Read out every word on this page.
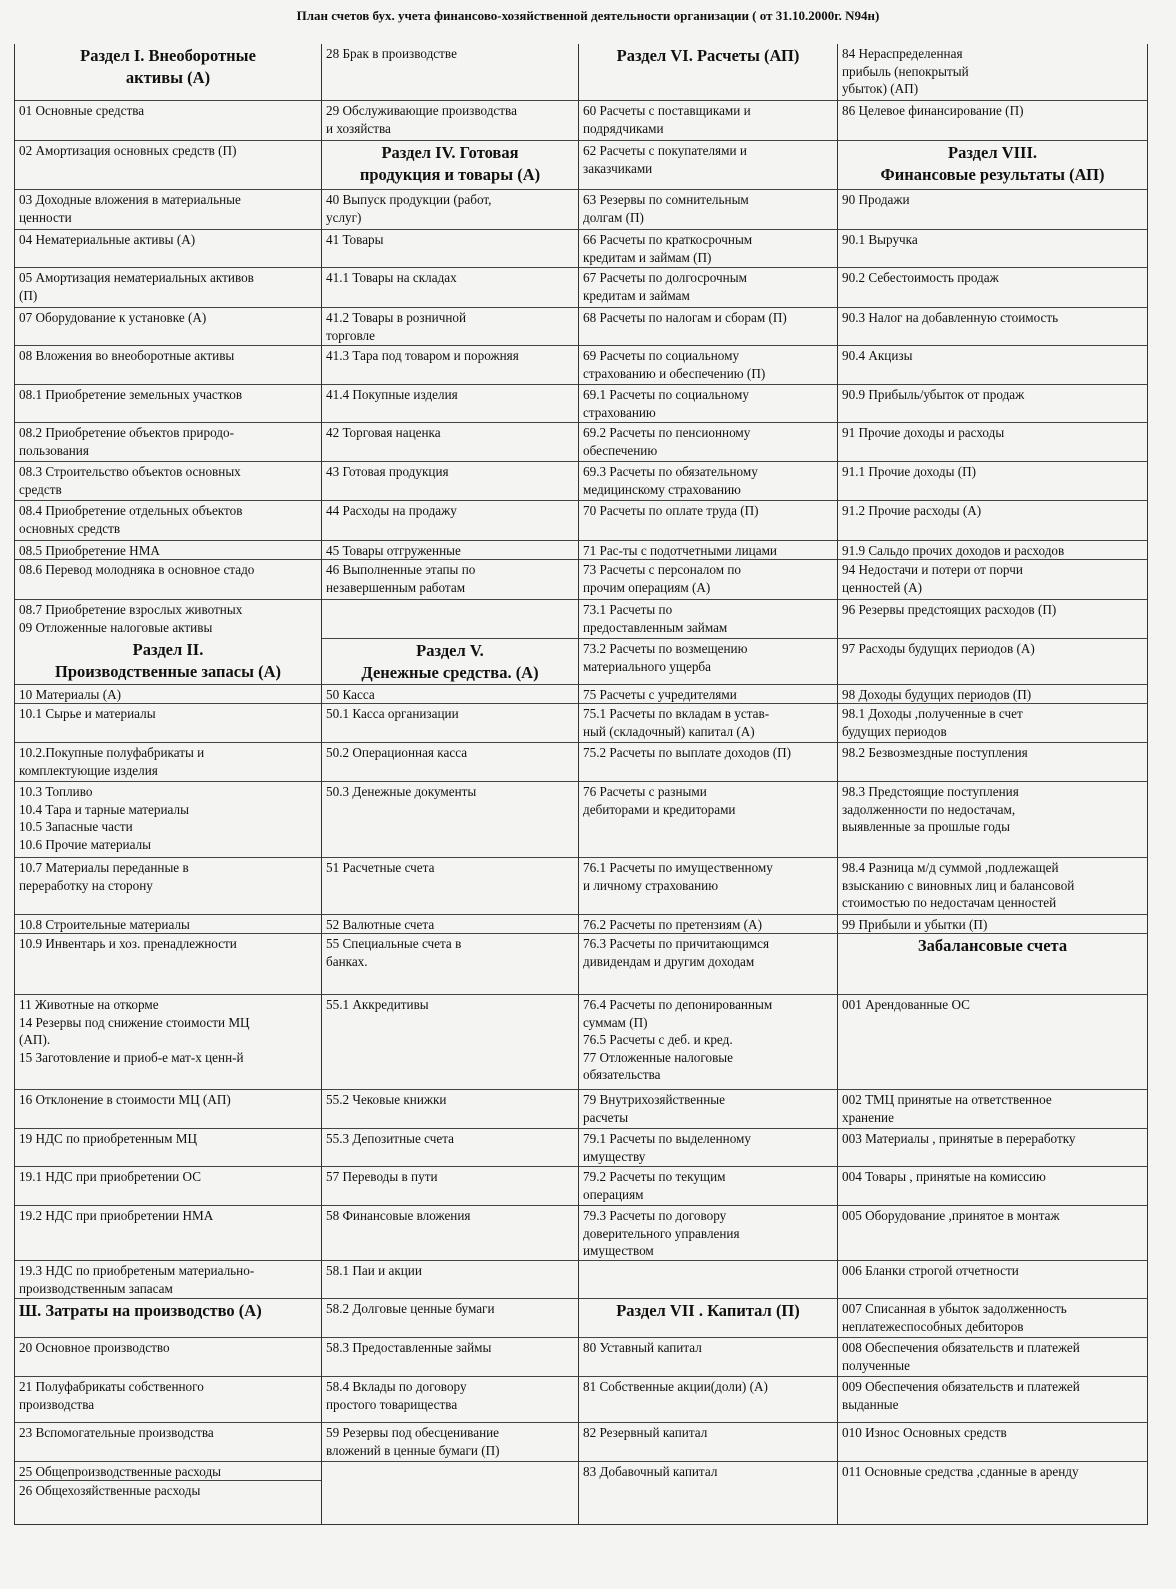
План счетов бух. учета финансово-хозяйственной деятельности организации ( от 31.10.2000г. N94н)
Раздел I. Внеоборотные
активы (А)
01 Основные средства
02 Амортизация основных средств (П)
03 Доходные вложения в материальные
ценности
04 Нематериальные активы (А)
05 Амортизация нематериальных активов
(П)
07 Оборудование к установке (А)
08 Вложения во внеоборотные активы
08.1 Приобретение земельных участков
08.2 Приобретение объектов природо-
пользования
08.3 Строительство объектов основных
средств
08.4 Приобретение отдельных объектов
основных средств
08.5 Приобретение НМА
08.6 Перевод молодняка в основное стадо
08.7 Приобретение взрослых животных
09 Отложенные налоговые активы
Раздел II.
Производственные запасы (А)
10 Материалы (А)
10.1 Сырье и материалы
10.2.Покупные полуфабрикаты и
комплектующие изделия
10.3 Топливо
10.4 Тара и тарные материалы
10.5 Запасные части
10.6 Прочие материалы
10.7 Материалы переданные в
переработку на сторону
10.8 Строительные материалы
10.9 Инвентарь и хоз. пренадлежности
11 Животные на откорме
14 Резервы под снижение стоимости МЦ
(АП).
15 Заготовление и приоб-е мат-х ценн-й
16 Отклонение в стоимости МЦ (АП)
19 НДС по приобретенным МЦ
19.1 НДС при приобретении ОС
19.2 НДС при приобретении НМА
19.3 НДС по приобретеным материально-
производственным запасам
Ш. Затраты на производство (А)
20 Основное производство
21 Полуфабрикаты собственного
производства
23 Вспомогательные производства
25 Общепроизводственные расходы
26 Общехозяйственные расходы
28 Брак в производстве
29 Обслуживающие производства
и хозяйства
Раздел IV. Готовая
продукция и товары (А)
40 Выпуск продукции (работ,
услуг)
41 Товары
41.1 Товары на складах
41.2 Товары в розничной
торговле
41.3 Тара под товаром и порожняя
41.4 Покупные изделия
42 Торговая наценка
43 Готовая продукция
44 Расходы на продажу
45 Товары отгруженные
46 Выполненные этапы по
незавершенным работам
Раздел V.
Денежные средства. (А)
50 Касса
50.1 Касса организации
50.2 Операционная касса
50.3 Денежные документы
51 Расчетные счета
52 Валютные счета
55 Специальные счета в
банках.
55.1 Аккредитивы
55.2 Чековые книжки
55.3 Депозитные счета
57 Переводы в пути
58 Финансовые вложения
58.1 Паи и акции
58.2 Долговые ценные бумаги
58.3 Предоставленные займы
58.4 Вклады по договору
простого товарищества
59 Резервы под обесценивание
вложений в ценные бумаги (П)
Раздел VI. Расчеты (АП)
60 Расчеты с поставщиками и
подрядчиками
62 Расчеты с покупателями и
заказчиками
63 Резервы по сомнительным
долгам (П)
66 Расчеты по краткосрочным
кредитам и займам (П)
67 Расчеты по долгосрочным
кредитам и займам
68 Расчеты по налогам и сборам (П)
69 Расчеты по социальному
страхованию и обеспечению (П)
69.1 Расчеты по социальному
страхованию
69.2 Расчеты по пенсионному
обеспечению
69.3 Расчеты по обязательному
медицинскому страхованию
70 Расчеты по оплате труда (П)
71 Рас-ты с подотчетными лицами
73 Расчеты с персоналом по
прочим операциям (А)
73.1 Расчеты по
предоставленным займам
73.2 Расчеты по возмещению
материального ущерба
75 Расчеты с учредителями
75.1 Расчеты по вкладам в устав-
ный (складочный) капитал (А)
75.2 Расчеты по выплате доходов (П)
76 Расчеты с разными
дебиторами и кредиторами
76.1 Расчеты по имущественному
и личному страхованию
76.2 Расчеты по претензиям (А)
76.3 Расчеты по причитающимся
дивидендам и другим доходам
76.4 Расчеты по депонированным
суммам (П)
76.5 Расчеты с деб. и кред.
77 Отложенные налоговые
обязательства
79 Внутрихозяйственные
расчеты
79.1 Расчеты по выделенному
имуществу
79.2 Расчеты по текущим
операциям
79.3 Расчеты по договору
доверительного управления
имуществом
Раздел VII . Капитал (П)
80 Уставный капитал
81 Собственные акции(доли) (А)
82 Резервный капитал
83 Добавочный капитал
84 Нераспределенная
прибыль (непокрытый
убыток) (АП)
86 Целевое финансирование (П)
Раздел VIII.
Финансовые результаты (АП)
90 Продажи
90.1 Выручка
90.2 Себестоимость продаж
90.3 Налог на добавленную стоимость
90.4 Акцизы
90.9 Прибыль/убыток от продаж
91 Прочие доходы и расходы
91.1 Прочие доходы (П)
91.2 Прочие расходы (А)
91.9 Сальдо прочих доходов и расходов
94 Недостачи и потери от порчи
ценностей (А)
96 Резервы предстоящих расходов (П)
97 Расходы будущих периодов (А)
98 Доходы будущих периодов (П)
98.1 Доходы ,полученные в счет
будущих периодов
98.2 Безвозмездные поступления
98.3 Предстоящие поступления
задолженности по недостачам,
выявленные за прошлые годы
98.4 Разница м/д суммой ,подлежащей
взысканию с виновных лиц и балансовой
стоимостью по недостачам ценностей
99 Прибыли и убытки (П)
Забалансовые счета
001 Арендованные ОС
002 ТМЦ принятые на ответственное
хранение
003 Материалы , принятые в переработку
004 Товары , принятые на комиссию
005 Оборудование ,принятое в монтаж
006 Бланки строгой отчетности
007 Списанная в убыток задолженность
неплатежеспособных дебиторов
008 Обеспечения обязательств и платежей
полученные
009 Обеспечения обязательств и платежей
выданные
010 Износ Основных средств
011 Основные средства ,сданные в аренду
